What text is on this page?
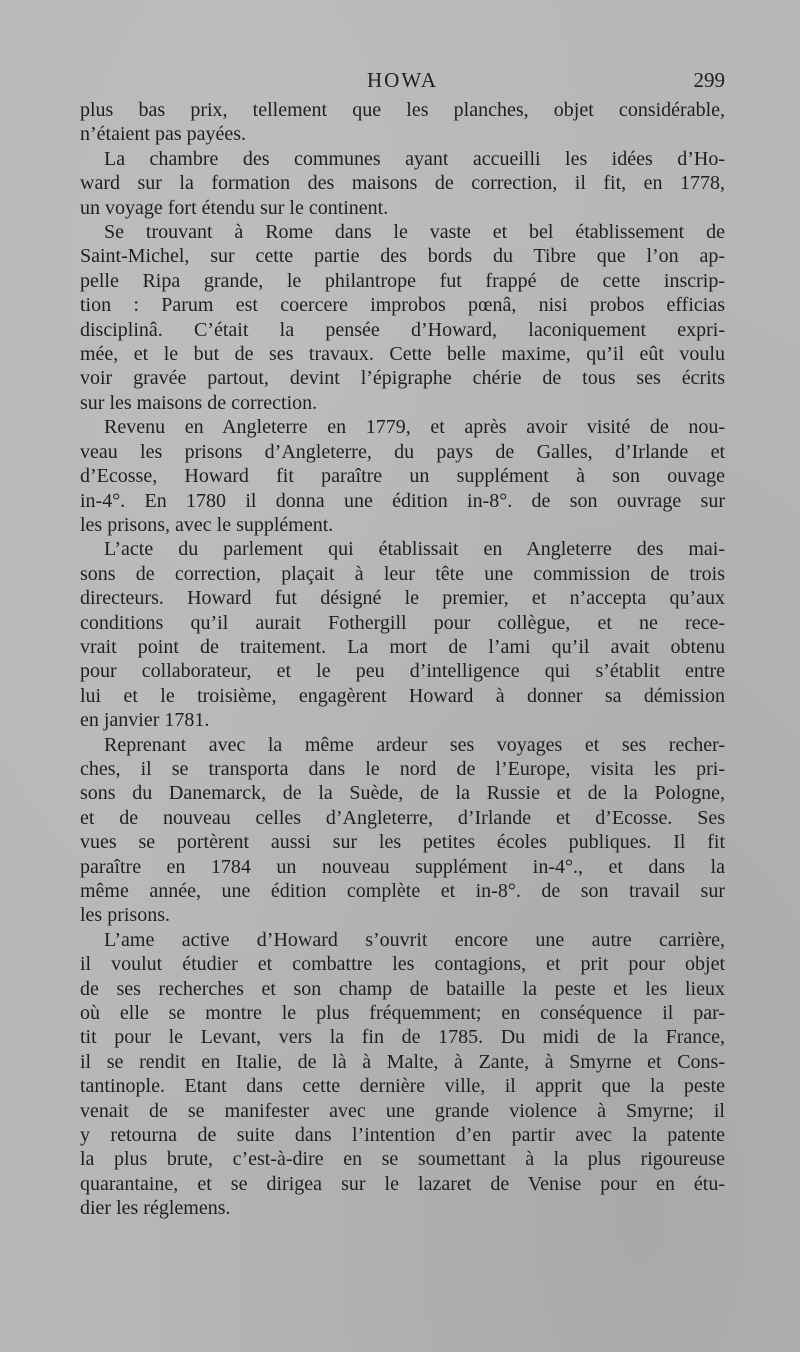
HOWA	299
plus bas prix, tellement que les planches, objet considérable,
n’étaient pas payées.
La chambre des communes ayant accueilli les idées d’Ho-
ward sur la formation des maisons de correction, il fit, en 1778,
un voyage fort étendu sur le continent.
Se trouvant à Rome dans le vaste et bel établissement de
Saint-Michel, sur cette partie des bords du Tibre que l’on ap-
pelle Ripa grande, le philantrope fut frappé de cette inscrip-
tion : Parum est coercere improbos pœnâ, nisi probos efficias
disciplinâ. C’était la pensée d’Howard, laconiquement expri-
mée, et le but de ses travaux. Cette belle maxime, qu’il eût voulu
voir gravée partout, devint l’épigraphe chérie de tous ses écrits
sur les maisons de correction.
Revenu en Angleterre en 1779, et après avoir visité de nou-
veau les prisons d’Angleterre, du pays de Galles, d’Irlande et
d’Ecosse, Howard fit paraître un supplément à son ouvage
in-4°. En 1780 il donna une édition in-8°. de son ouvrage sur
les prisons, avec le supplément.
L’acte du parlement qui établissait en Angleterre des mai-
sons de correction, plaçait à leur tête une commission de trois
directeurs. Howard fut désigné le premier, et n’accepta qu’aux
conditions qu’il aurait Fothergill pour collègue, et ne rece-
vrait point de traitement. La mort de l’ami qu’il avait obtenu
pour collaborateur, et le peu d’intelligence qui s’établit entre
lui et le troisième, engagèrent Howard à donner sa démission
en janvier 1781.
Reprenant avec la même ardeur ses voyages et ses recher-
ches, il se transporta dans le nord de l’Europe, visita les pri-
sons du Danemarck, de la Suède, de la Russie et de la Pologne,
et de nouveau celles d’Angleterre, d’Irlande et d’Ecosse. Ses
vues se portèrent aussi sur les petites écoles publiques. Il fit
paraître en 1784 un nouveau supplément in-4°., et dans la
même année, une édition complète et in-8°. de son travail sur
les prisons.
L’ame active d’Howard s’ouvrit encore une autre carrière,
il voulut étudier et combattre les contagions, et prit pour objet
de ses recherches et son champ de bataille la peste et les lieux
où elle se montre le plus fréquemment; en conséquence il par-
tit pour le Levant, vers la fin de 1785. Du midi de la France,
il se rendit en Italie, de là à Malte, à Zante, à Smyrne et Cons-
tantinople. Etant dans cette dernière ville, il apprit que la peste
venait de se manifester avec une grande violence à Smyrne; il
y retourna de suite dans l’intention d’en partir avec la patente
la plus brute, c’est-à-dire en se soumettant à la plus rigoureuse
quarantaine, et se dirigea sur le lazaret de Venise pour en étu-
dier les réglemens.
